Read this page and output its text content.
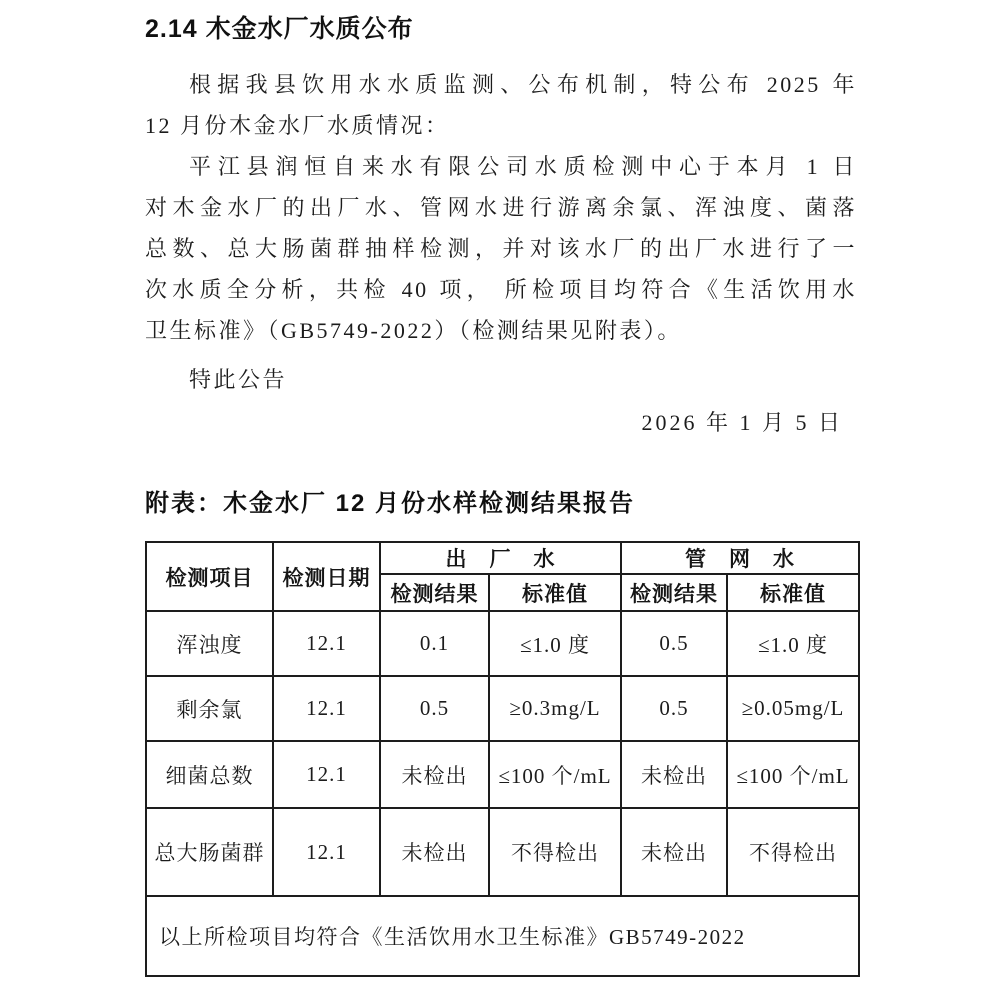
2.14 木金水厂水质公布
根据我县饮用水水质监测、公布机制，特公布 2025 年
12 月份木金水厂水质情况：
平江县润恒自来水有限公司水质检测中心于本月 1 日
对木金水厂的出厂水、管网水进行游离余氯、浑浊度、菌落
总数、总大肠菌群抽样检测，并对该水厂的出厂水进行了一
次水质全分析，共检 40 项， 所检项目均符合《生活饮用水
卫生标准》（GB5749-2022）（检测结果见附表）。
特此公告
2026 年 1 月 5 日
附表：木金水厂 12 月份水样检测结果报告
检测项目	检测日期	出　厂　水		管　网　水	
		检测结果	标准值	检测结果	标准值
浑浊度	12.1	0.1	≤1.0 度	0.5	≤1.0 度
剩余氯	12.1	0.5	≥0.3mg/L	0.5	≥0.05mg/L
细菌总数	12.1	未检出	≤100 个/mL	未检出	≤100 个/mL
总大肠菌群	12.1	未检出	不得检出	未检出	不得检出
以上所检项目均符合《生活饮用水卫生标准》GB5749-2022					
